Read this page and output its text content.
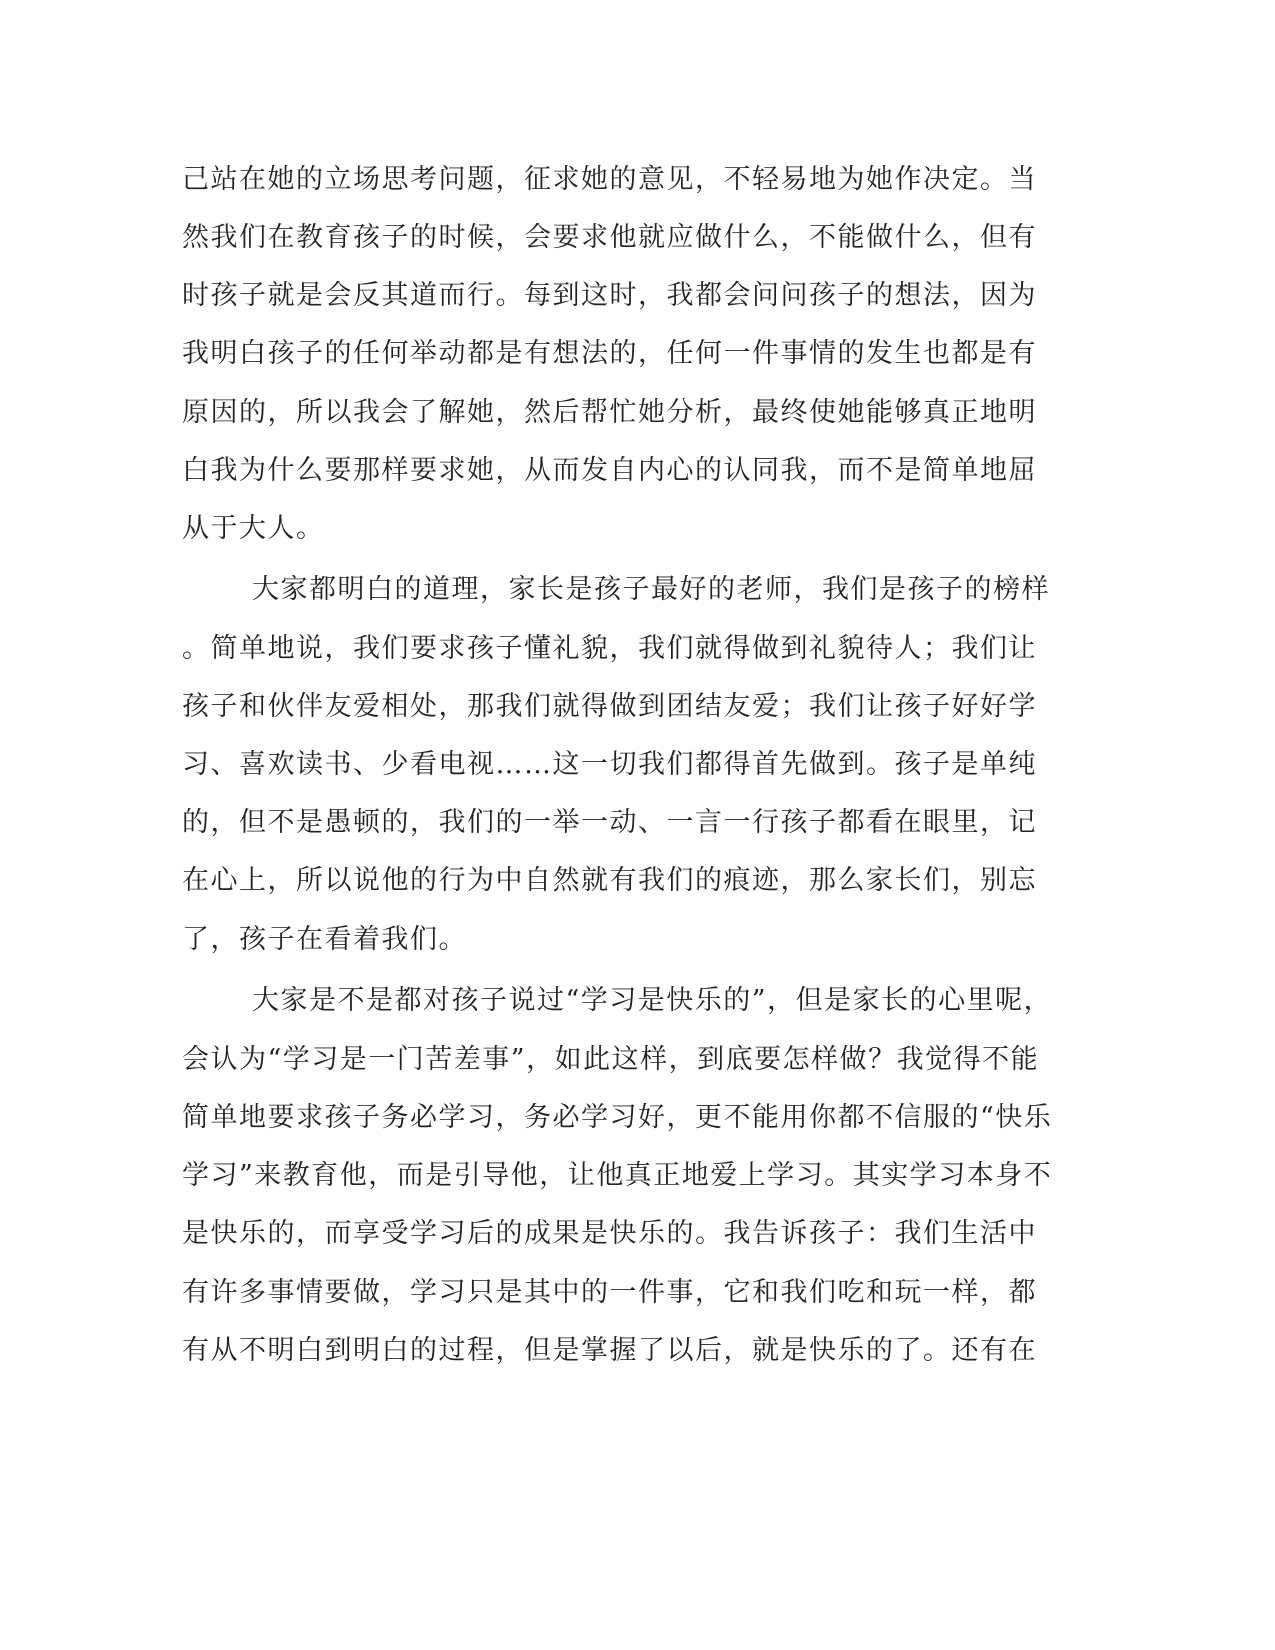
己站在她的立场思考问题，征求她的意见，不轻易地为她作决定。当
然我们在教育孩子的时候，会要求他就应做什么，不能做什么，但有
时孩子就是会反其道而行。每到这时，我都会问问孩子的想法，因为
我明白孩子的任何举动都是有想法的，任何一件事情的发生也都是有
原因的，所以我会了解她，然后帮忙她分析，最终使她能够真正地明
白我为什么要那样要求她，从而发自内心的认同我，而不是简单地屈
从于大人。
大家都明白的道理，家长是孩子最好的老师，我们是孩子的榜样
。简单地说，我们要求孩子懂礼貌，我们就得做到礼貌待人；我们让
孩子和伙伴友爱相处，那我们就得做到团结友爱；我们让孩子好好学
习、喜欢读书、少看电视……这一切我们都得首先做到。孩子是单纯
的，但不是愚顿的，我们的一举一动、一言一行孩子都看在眼里，记
在心上，所以说他的行为中自然就有我们的痕迹，那么家长们，别忘
了，孩子在看着我们。
大家是不是都对孩子说过“学习是快乐的”，但是家长的心里呢，
会认为“学习是一门苦差事”，如此这样，到底要怎样做？我觉得不能
简单地要求孩子务必学习，务必学习好，更不能用你都不信服的“快乐
学习”来教育他，而是引导他，让他真正地爱上学习。其实学习本身不
是快乐的，而享受学习后的成果是快乐的。我告诉孩子：我们生活中
有许多事情要做，学习只是其中的一件事，它和我们吃和玩一样，都
有从不明白到明白的过程，但是掌握了以后，就是快乐的了。还有在
